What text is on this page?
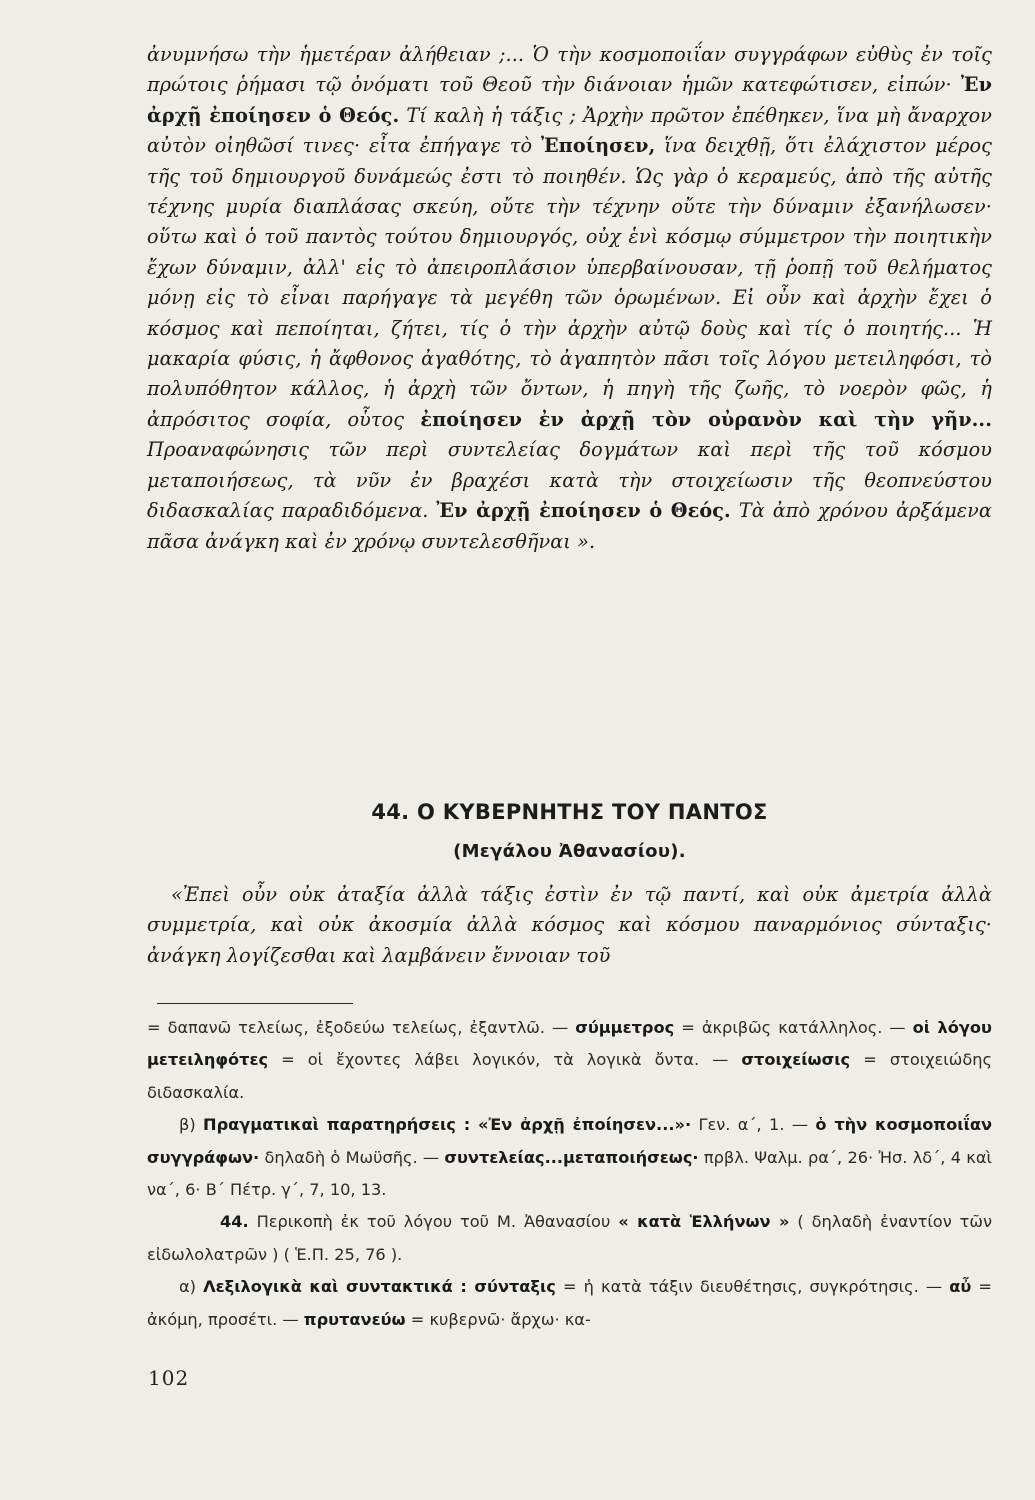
ἀνυμνήσω τὴν ἡμετέραν ἀλήθειαν ;... Ὁ τὴν κοσμοποιΐαν συγγράφων εὐθὺς ἐν τοῖς πρώτοις ῥήμασι τῷ ὀνόματι τοῦ Θεοῦ τὴν διάνοιαν ἡμῶν κατεφώτισεν, εἰπών· Ἐν ἀρχῇ ἐποίησεν ὁ Θεός. Τί καλὴ ἡ τάξις ; Ἀρχὴν πρῶτον ἐπέθηκεν, ἵνα μὴ ἄναρχον αὐτὸν οἰηθῶσί τινες· εἶτα ἐπήγαγε τὸ Ἐποίησεν, ἵνα δειχθῇ, ὅτι ἐλάχιστον μέρος τῆς τοῦ δημιουργοῦ δυνάμεώς ἐστι τὸ ποιηθέν. Ὡς γὰρ ὁ κεραμεύς, ἀπὸ τῆς αὐτῆς τέχνης μυρία διαπλάσας σκεύη, οὔτε τὴν τέχνην οὔτε τὴν δύναμιν ἐξανήλωσεν· οὕτω καὶ ὁ τοῦ παντὸς τούτου δημιουργός, οὐχ ἑνὶ κόσμῳ σύμμετρον τὴν ποιητικὴν ἔχων δύναμιν, ἀλλ' εἰς τὸ ἀπειροπλάσιον ὑπερβαίνουσαν, τῇ ῥοπῇ τοῦ θελήματος μόνῃ εἰς τὸ εἶναι παρήγαγε τὰ μεγέθη τῶν ὁρωμένων. Εἰ οὖν καὶ ἀρχὴν ἔχει ὁ κόσμος καὶ πεποίηται, ζήτει, τίς ὁ τὴν ἀρχὴν αὐτῷ δοὺς καὶ τίς ὁ ποιητής... Ἡ μακαρία φύσις, ἡ ἄφθονος ἀγαθότης, τὸ ἀγαπητὸν πᾶσι τοῖς λόγου μετειληφόσι, τὸ πολυπόθητον κάλλος, ἡ ἀρχὴ τῶν ὄντων, ἡ πηγὴ τῆς ζωῆς, τὸ νοερὸν φῶς, ἡ ἀπρόσιτος σοφία, οὗτος ἐποίησεν ἐν ἀρχῇ τὸν οὐρανὸν καὶ τὴν γῆν... Προαναφώνησις τῶν περὶ συντελείας δογμάτων καὶ περὶ τῆς τοῦ κόσμου μεταποιήσεως, τὰ νῦν ἐν βραχέσι κατὰ τὴν στοιχείωσιν τῆς θεοπνεύστου διδασκαλίας παραδιδόμενα. Ἐν ἀρχῇ ἐποίησεν ὁ Θεός. Τὰ ἀπὸ χρόνου ἀρξάμενα πᾶσα ἀνάγκη καὶ ἐν χρόνῳ συντελεσθῆναι ».

44. Ο ΚΥΒΕΡΝΗΤΗΣ ΤΟΥ ΠΑΝΤΟΣ
(Μεγάλου Ἀθανασίου).

«Ἐπεὶ οὖν οὐκ ἀταξία ἀλλὰ τάξις ἐστὶν ἐν τῷ παντί, καὶ οὐκ ἀμετρία ἀλλὰ συμμετρία, καὶ οὐκ ἀκοσμία ἀλλὰ κόσμος καὶ κόσμου παναρμόνιος σύνταξις· ἀνάγκη λογίζεσθαι καὶ λαμβάνειν ἔννοιαν τοῦ

= δαπανῶ τελείως, ἐξοδεύω τελείως, ἐξαντλῶ. — σύμμετρος = ἀκριβῶς κατάλληλος. — οἱ λόγου μετειληφότες = οἱ ἔχοντες λάβει λογικόν, τὰ λογικὰ ὄντα. — στοιχείωσις = στοιχειώδης διδασκαλία.

β) Πραγματικαὶ παρατηρήσεις : «Ἐν ἀρχῇ ἐποίησεν...»· Γεν. α΄, 1. — ὁ τὴν κοσμοποιΐαν συγγράφων· δηλαδὴ ὁ Μωϋσῆς. — συντελείας...μεταποιήσεως· πρβλ. Ψαλμ. ρα΄, 26· Ἠσ. λδ΄, 4 καὶ να΄, 6· Β΄ Πέτρ. γ΄, 7, 10, 13.

44. Περικοπὴ ἐκ τοῦ λόγου τοῦ Μ. Ἀθανασίου « κατὰ Ἑλλήνων » ( δηλαδὴ ἐναντίον τῶν εἰδωλολατρῶν ) ( Ἑ.Π. 25, 76 ).

α) Λεξιλογικὰ καὶ συντακτικά : σύνταξις = ἡ κατὰ τάξιν διευθέτησις, συγκρότησις. — αὖ = ἀκόμη, προσέτι. — πρυτανεύω = κυβερνῶ· ἄρχω· κα-

102
